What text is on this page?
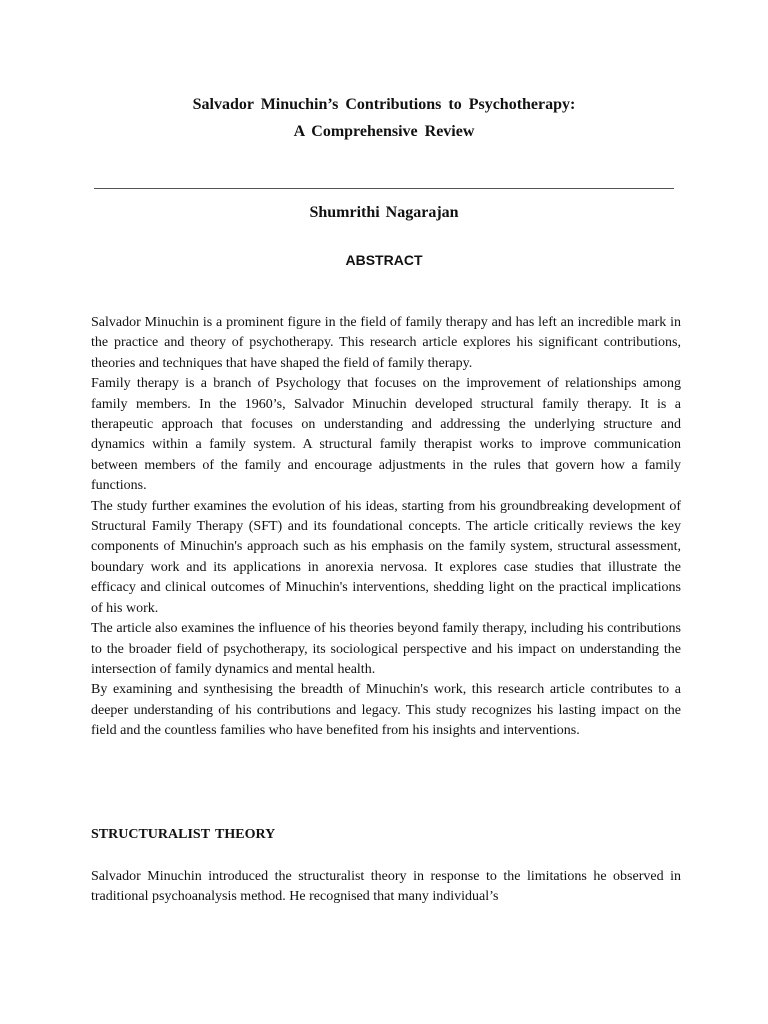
Salvador Minuchin’s Contributions to Psychotherapy:
A Comprehensive Review
Shumrithi Nagarajan
ABSTRACT

Salvador Minuchin is a prominent figure in the field of family therapy and has left an incredible mark in the practice and theory of psychotherapy. This research article explores his significant contributions, theories and techniques that have shaped the field of family therapy.

Family therapy is a branch of Psychology that focuses on the improvement of relationships among family members. In the 1960’s, Salvador Minuchin developed structural family therapy. It is a therapeutic approach that focuses on understanding and addressing the underlying structure and dynamics within a family system. A structural family therapist works to improve communication between members of the family and encourage adjustments in the rules that govern how a family functions.

The study further examines the evolution of his ideas, starting from his groundbreaking development of Structural Family Therapy (SFT) and its foundational concepts. The article critically reviews the key components of Minuchin's approach such as his emphasis on the family system, structural assessment, boundary work and its applications in anorexia nervosa. It explores case studies that illustrate the efficacy and clinical outcomes of Minuchin's interventions, shedding light on the practical implications of his work.

The article also examines the influence of his theories beyond family therapy, including his contributions to the broader field of psychotherapy, its sociological perspective and his impact on understanding the intersection of family dynamics and mental health.

By examining and synthesising the breadth of Minuchin's work, this research article contributes to a deeper understanding of his contributions and legacy. This study recognizes his lasting impact on the field and the countless families who have benefited from his insights and interventions.

STRUCTURALIST THEORY

Salvador Minuchin introduced the structuralist theory in response to the limitations he observed in traditional psychoanalysis method. He recognised that many individual’s
